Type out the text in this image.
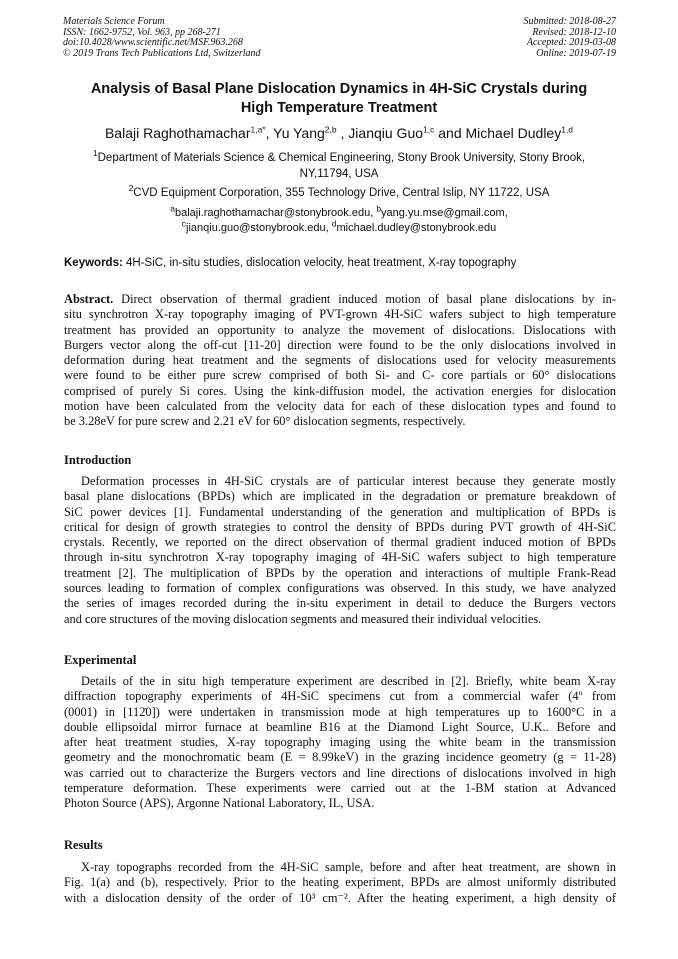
Materials Science Forum
ISSN: 1662-9752, Vol. 963, pp 268-271
doi:10.4028/www.scientific.net/MSF.963.268
© 2019 Trans Tech Publications Ltd, Switzerland
Submitted: 2018-08-27
Revised: 2018-12-10
Accepted: 2019-03-08
Online: 2019-07-19
Analysis of Basal Plane Dislocation Dynamics in 4H-SiC Crystals during
High Temperature Treatment
Balaji Raghothamachar$^{1,a*}$, Yu Yang$^{2,b}$ , Jianqiu Guo$^{1,c}$ and Michael Dudley$^{1,d}$
$^1$Department of Materials Science & Chemical Engineering, Stony Brook University, Stony Brook,
NY,11794, USA
$^2$CVD Equipment Corporation, 355 Technology Drive, Central Islip, NY 11722, USA
$^a$balaji.raghothamachar@stonybrook.edu, $^b$yang.yu.mse@gmail.com,
$^c$jianqiu.guo@stonybrook.edu, $^d$michael.dudley@stonybrook.edu
Keywords: 4H-SiC, in-situ studies, dislocation velocity, heat treatment, X-ray topography
Abstract. Direct observation of thermal gradient induced motion of basal plane dislocations by in-
situ synchrotron X-ray topography imaging of PVT-grown 4H-SiC wafers subject to high temperature
treatment has provided an opportunity to analyze the movement of dislocations. Dislocations with
Burgers vector along the off-cut [11-20] direction were found to be the only dislocations involved in
deformation during heat treatment and the segments of dislocations used for velocity measurements
were found to be either pure screw comprised of both Si- and C- core partials or 60° dislocations
comprised of purely Si cores. Using the kink-diffusion model, the activation energies for dislocation
motion have been calculated from the velocity data for each of these dislocation types and found to
be 3.28eV for pure screw and 2.21 eV for 60° dislocation segments, respectively.
Introduction
Deformation processes in 4H-SiC crystals are of particular interest because they generate mostly
basal plane dislocations (BPDs) which are implicated in the degradation or premature breakdown of
SiC power devices [1]. Fundamental understanding of the generation and multiplication of BPDs is
critical for design of growth strategies to control the density of BPDs during PVT growth of 4H-SiC
crystals. Recently, we reported on the direct observation of thermal gradient induced motion of BPDs
through in-situ synchrotron X-ray topography imaging of 4H-SiC wafers subject to high temperature
treatment [2]. The multiplication of BPDs by the operation and interactions of multiple Frank-Read
sources leading to formation of complex configurations was observed. In this study, we have analyzed
the series of images recorded during the in-situ experiment in detail to deduce the Burgers vectors
and core structures of the moving dislocation segments and measured their individual velocities.
Experimental
Details of the in situ high temperature experiment are described in [2]. Briefly, white beam X-ray
diffraction topography experiments of 4H-SiC specimens cut from a commercial wafer (4º from
(0001) in [112̄0]) were undertaken in transmission mode at high temperatures up to 1600°C in a
double ellipsoidal mirror furnace at beamline B16 at the Diamond Light Source, U.K.. Before and
after heat treatment studies, X-ray topography imaging using the white beam in the transmission
geometry and the monochromatic beam (E = 8.99keV) in the grazing incidence geometry (g = 11-28)
was carried out to characterize the Burgers vectors and line directions of dislocations involved in high
temperature deformation. These experiments were carried out at the 1-BM station at Advanced
Photon Source (APS), Argonne National Laboratory, IL, USA.
Results
X-ray topographs recorded from the 4H-SiC sample, before and after heat treatment, are shown in
Fig. 1(a) and (b), respectively. Prior to the heating experiment, BPDs are almost uniformly distributed
with a dislocation density of the order of 10³ cm⁻². After the heating experiment, a high density of
